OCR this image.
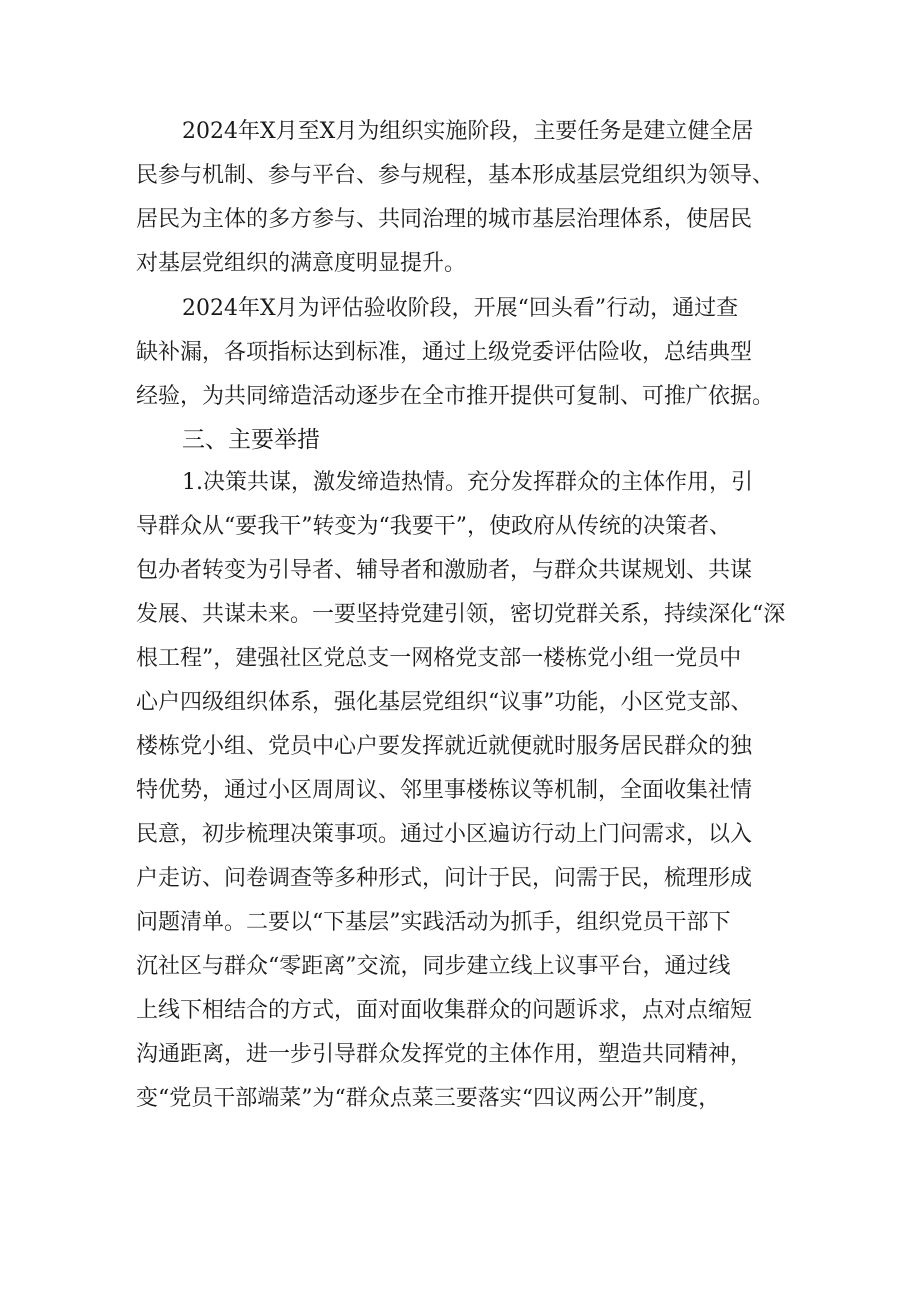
2024年X月至X月为组织实施阶段，主要任务是建立健全居
民参与机制、参与平台、参与规程，基本形成基层党组织为领导、
居民为主体的多方参与、共同治理的城市基层治理体系，使居民
对基层党组织的满意度明显提升。
2024年X月为评估验收阶段，开展“回头看”行动，通过查
缺补漏，各项指标达到标准，通过上级党委评估险收，总结典型
经验，为共同缔造活动逐步在全市推开提供可复制、可推广依据。
三、主要举措
1.决策共谋，激发缔造热情。充分发挥群众的主体作用，引
导群众从“要我干”转变为“我要干”，使政府从传统的决策者、
包办者转变为引导者、辅导者和激励者，与群众共谋规划、共谋
发展、共谋未来。一要坚持党建引领，密切党群关系，持续深化“深
根工程”，建强社区党总支一网格党支部一楼栋党小组一党员中
心户四级组织体系，强化基层党组织“议事”功能，小区党支部、
楼栋党小组、党员中心户要发挥就近就便就时服务居民群众的独
特优势，通过小区周周议、邻里事楼栋议等机制，全面收集社情
民意，初步梳理决策事项。通过小区遍访行动上门问需求，以入
户走访、问卷调查等多种形式，问计于民，问需于民，梳理形成
问题清单。二要以“下基层”实践活动为抓手，组织党员干部下
沉社区与群众“零距离”交流，同步建立线上议事平台，通过线
上线下相结合的方式，面对面收集群众的问题诉求，点对点缩短
沟通距离，进一步引导群众发挥党的主体作用，塑造共同精神，
变“党员干部端菜”为“群众点菜三要落实“四议两公开”制度，
